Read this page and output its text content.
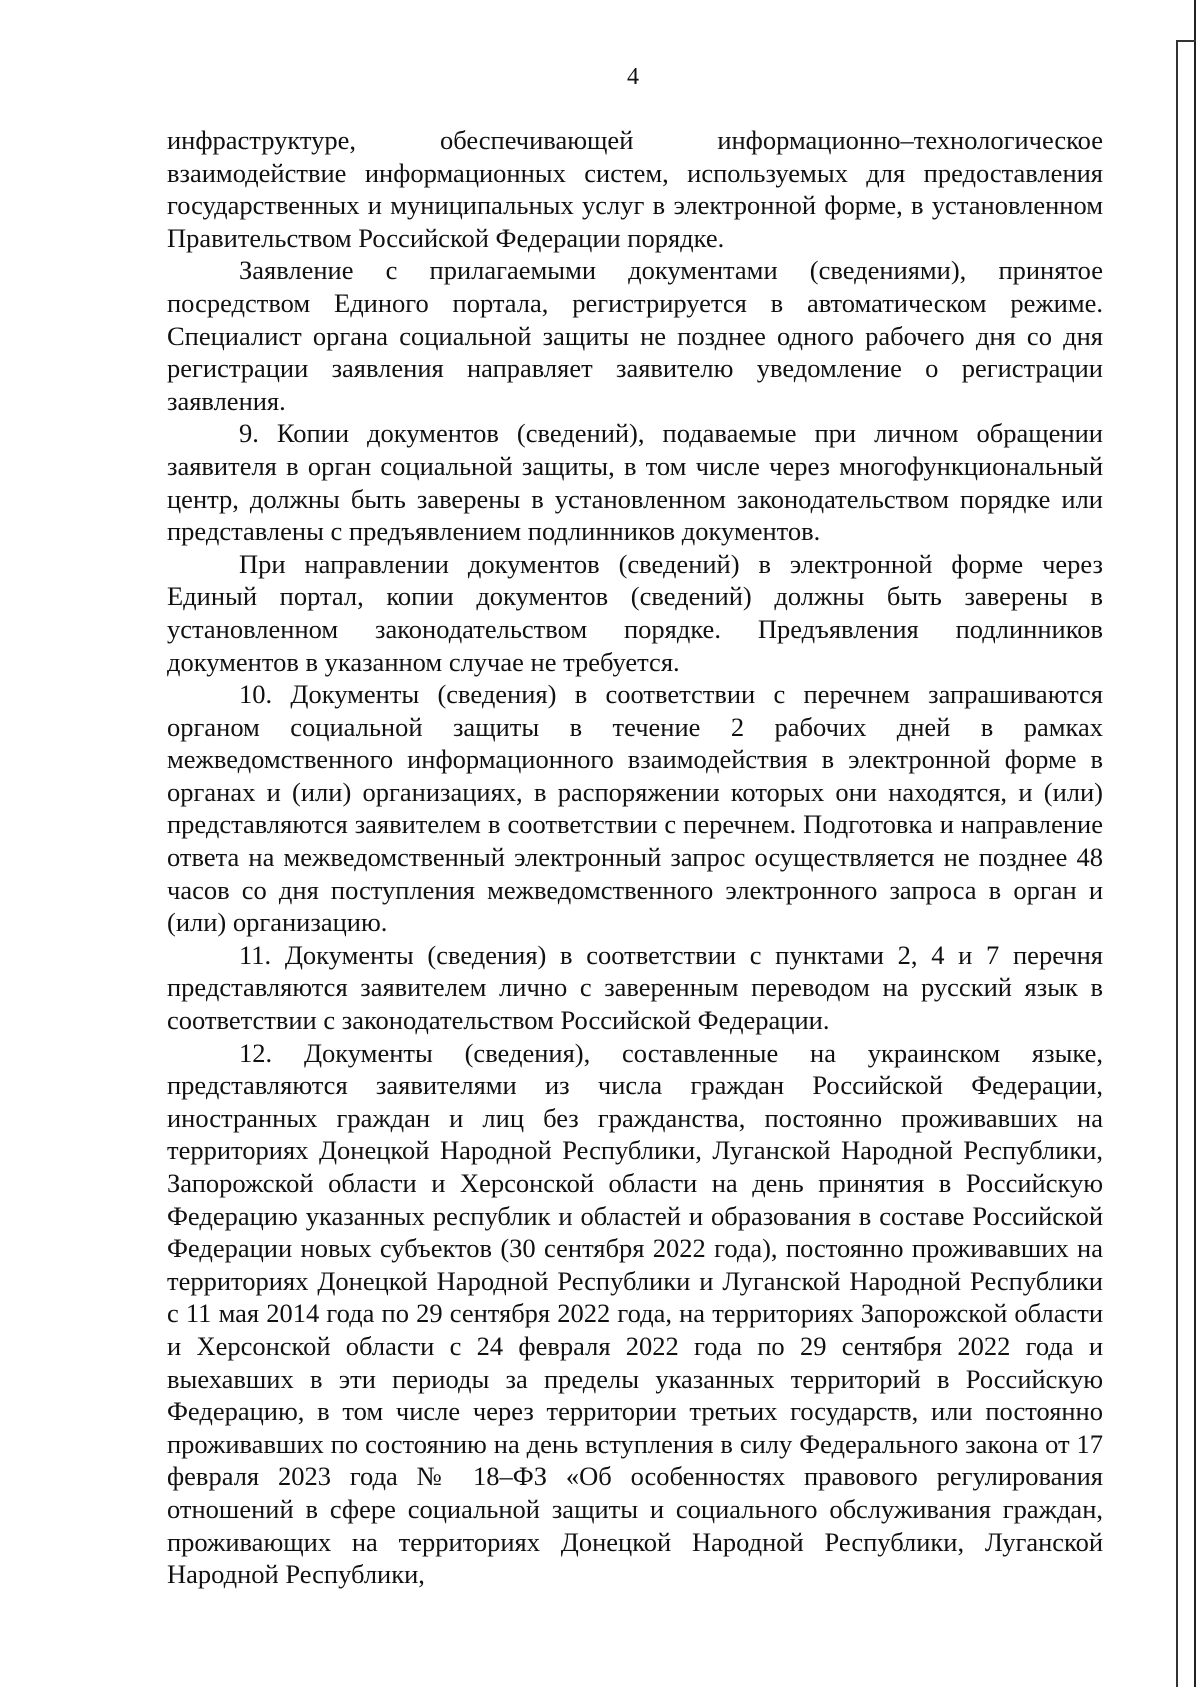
4

инфраструктуре, обеспечивающей информационно–технологическое взаимодействие информационных систем, используемых для предоставления государственных и муниципальных услуг в электронной форме, в установленном Правительством Российской Федерации порядке.

Заявление с прилагаемыми документами (сведениями), принятое посредством Единого портала, регистрируется в автоматическом режиме. Специалист органа социальной защиты не позднее одного рабочего дня со дня регистрации заявления направляет заявителю уведомление о регистрации заявления.

9. Копии документов (сведений), подаваемые при личном обращении заявителя в орган социальной защиты, в том числе через многофункциональный центр, должны быть заверены в установленном законодательством порядке или представлены с предъявлением подлинников документов.

При направлении документов (сведений) в электронной форме через Единый портал, копии документов (сведений) должны быть заверены в установленном законодательством порядке. Предъявления подлинников документов в указанном случае не требуется.

10. Документы (сведения) в соответствии с перечнем запрашиваются органом социальной защиты в течение 2 рабочих дней в рамках межведомственного информационного взаимодействия в электронной форме в органах и (или) организациях, в распоряжении которых они находятся, и (или) представляются заявителем в соответствии с перечнем. Подготовка и направление ответа на межведомственный электронный запрос осуществляется не позднее 48 часов со дня поступления межведомственного электронного запроса в орган и (или) организацию.

11. Документы (сведения) в соответствии с пунктами 2, 4 и 7 перечня представляются заявителем лично с заверенным переводом на русский язык в соответствии с законодательством Российской Федерации.

12. Документы (сведения), составленные на украинском языке, представляются заявителями из числа граждан Российской Федерации, иностранных граждан и лиц без гражданства, постоянно проживавших на территориях Донецкой Народной Республики, Луганской Народной Республики, Запорожской области и Херсонской области на день принятия в Российскую Федерацию указанных республик и областей и образования в составе Российской Федерации новых субъектов (30 сентября 2022 года), постоянно проживавших на территориях Донецкой Народной Республики и Луганской Народной Республики с 11 мая 2014 года по 29 сентября 2022 года, на территориях Запорожской области и Херсонской области с 24 февраля 2022 года по 29 сентября 2022 года и выехавших в эти периоды за пределы указанных территорий в Российскую Федерацию, в том числе через территории третьих государств, или постоянно проживавших по состоянию на день вступления в силу Федерального закона от 17 февраля 2023 года № 18–ФЗ «Об особенностях правового регулирования отношений в сфере социальной защиты и социального обслуживания граждан, проживающих на территориях Донецкой Народной Республики, Луганской Народной Республики,
